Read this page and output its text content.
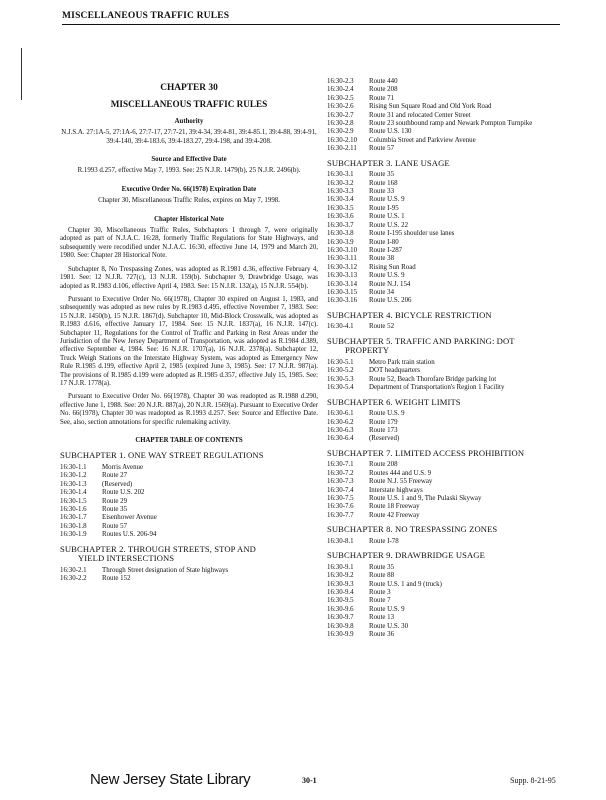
MISCELLANEOUS TRAFFIC RULES
CHAPTER 30
MISCELLANEOUS TRAFFIC RULES
Authority
N.J.S.A. 27:1A-5, 27:1A-6, 27:7-17, 27:7-21, 39:4-34, 39:4-81, 39:4-85.1, 39:4-88, 39:4-91, 39:4-140, 39:4-183.6, 39:4-183.27, 29:4-198, and 39:4-208.
Source and Effective Date
R.1993 d.257, effective May 7, 1993. See: 25 N.J.R. 1479(b), 25 N.J.R. 2496(b).
Executive Order No. 66(1978) Expiration Date
Chapter 30, Miscellaneous Traffic Rules, expires on May 7, 1998.
Chapter Historical Note

Chapter 30, Miscellaneous Traffic Rules, Subchapters 1 through 7, were originally adopted as part of N.J.A.C. 16:28, formerly Traffic Regulations for State Highways, and subsequently were recodified under N.J.A.C. 16:30, effective June 14, 1979 and March 20, 1980. See: Chapter 28 Historical Note.

Subchapter 8, No Trespassing Zones, was adopted as R.1981 d.36, effective February 4, 1981. See: 12 N.J.R. 727(c), 13 N.J.R. 159(b). Subchapter 9, Drawbridge Usage, was adopted as R.1983 d.106, effective April 4, 1983. See: 15 N.J.R. 132(a), 15 N.J.R. 554(b).

Pursuant to Executive Order No. 66(1978), Chapter 30 expired on August 1, 1983, and subsequently was adopted as new rules by R.1983 d.495, effective November 7, 1983. See: 15 N.J.R. 1450(b), 15 N.J.R. 1867(d). Subchapter 10, Mid-Block Crosswalk, was adopted as R.1983 d.616, effective January 17, 1984. See: 15 N.J.R. 1837(a), 16 N.J.R. 147(c). Subchapter 11, Regulations for the Control of Traffic and Parking in Rest Areas under the Jurisdiction of the New Jersey Department of Transportation, was adopted as R.1984 d.389, effective September 4, 1984. See: 16 N.J.R. 1707(a), 16 N.J.R. 2378(a). Subchapter 12, Truck Weigh Stations on the Interstate Highway System, was adopted as Emergency New Rule R.1985 d.199, effective April 2, 1985 (expired June 3, 1985). See: 17 N.J.R. 987(a). The provisions of R.1985 d.199 were adopted as R.1985 d.357, effective July 15, 1985. See: 17 N.J.R. 1778(a).

Pursuant to Executive Order No. 66(1978), Chapter 30 was readopted as R.1988 d.290, effective June 1, 1988. See: 20 N.J.R. 887(a), 20 N.J.R. 1569(a). Pursuant to Executive Order No. 66(1978), Chapter 30 was readopted as R.1993 d.257. See: Source and Effective Date. See, also, section annotations for specific rulemaking activity.

CHAPTER TABLE OF CONTENTS
SUBCHAPTER 1. ONE WAY STREET REGULATIONS
16:30-1.1	Morris Avenue
16:30-1.2	Route 27
16:30-1.3	(Reserved)
16:30-1.4	Route U.S. 202
16:30-1.5	Route 29
16:30-1.6	Route 35
16:30-1.7	Eisenhower Avenue
16:30-1.8	Route 57
16:30-1.9	Routes U.S. 206-94
SUBCHAPTER 2. THROUGH STREETS, STOP AND
YIELD INTERSECTIONS
16:30-2.1	Through Street designation of State highways
16:30-2.2	Route 152
16:30-2.3	Route 440
16:30-2.4	Route 208
16:30-2.5	Route 71
16:30-2.6	Rising Sun Square Road and Old York Road
16:30-2.7	Route 31 and relocated Center Street
16:30-2.8	Route 23 southbound ramp and Newark Pompton Turnpike
16:30-2.9	Route U.S. 130
16:30-2.10	Columbia Street and Parkview Avenue
16:30-2.11	Route 57
SUBCHAPTER 3. LANE USAGE
16:30-3.1	Route 35
16:30-3.2	Route 168
16:30-3.3	Route 33
16:30-3.4	Route U.S. 9
16:30-3.5	Route I-95
16:30-3.6	Route U.S. 1
16:30-3.7	Route U.S. 22
16:30-3.8	Route I-195 shoulder use lanes
16:30-3.9	Route I-80
16:30-3.10	Route I-287
16:30-3.11	Route 38
16:30-3.12	Rising Sun Road
16:30-3.13	Route U.S. 9
16:30-3.14	Route N.J. 154
16:30-3.15	Route 34
16:30-3.16	Route U.S. 206
SUBCHAPTER 4. BICYCLE RESTRICTION
16:30-4.1	Route 52
SUBCHAPTER 5. TRAFFIC AND PARKING: DOT
PROPERTY
16:30-5.1	Metro Park train station
16:30-5.2	DOT headquarters
16:30-5.3	Route 52, Beach Thorofare Bridge parking lot
16:30-5.4	Department of Transportation's Region 1 Facility
SUBCHAPTER 6. WEIGHT LIMITS
16:30-6.1	Route U.S. 9
16:30-6.2	Route 179
16:30-6.3	Route 173
16:30-6.4	(Reserved)
SUBCHAPTER 7. LIMITED ACCESS PROHIBITION
16:30-7.1	Route 208
16:30-7.2	Routes 444 and U.S. 9
16:30-7.3	Route N.J. 55 Freeway
16:30-7.4	Interstate highways
16:30-7.5	Route U.S. 1 and 9, The Pulaski Skyway
16:30-7.6	Route 18 Freeway
16:30-7.7	Route 42 Freeway
SUBCHAPTER 8. NO TRESPASSING ZONES
16:30-8.1	Route I-78
SUBCHAPTER 9. DRAWBRIDGE USAGE
16:30-9.1	Route 35
16:30-9.2	Route 88
16:30-9.3	Route U.S. 1 and 9 (truck)
16:30-9.4	Route 3
16:30-9.5	Route 7
16:30-9.6	Route U.S. 9
16:30-9.7	Route 13
16:30-9.8	Route U.S. 30
16:30-9.9	Route 36
New Jersey State Library	30-1	Supp. 8-21-95
